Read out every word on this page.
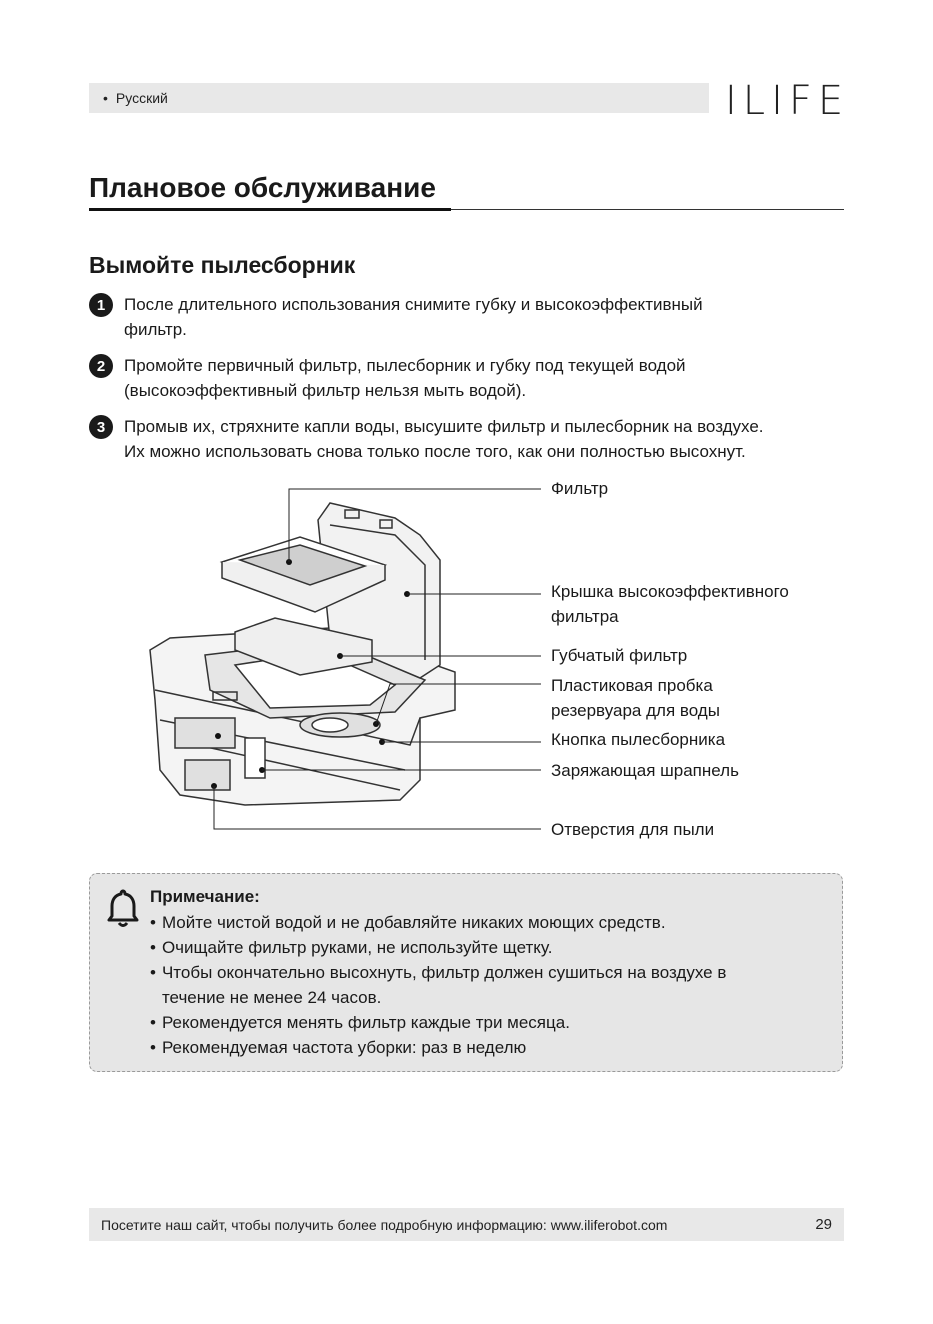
• Русский	ILIFE
Плановое обслуживание
Вымойте пылесборник
1	После длительного использования снимите губку и высокоэффективный
фильтр.
2	Промойте первичный фильтр, пылесборник и губку под текущей водой
(высокоэффективный фильтр нельзя мыть водой).
3	Промыв их, стряхните капли воды, высушите фильтр и пылесборник на воздухе.
Их можно использовать снова только после того, как они полностью высохнут.
Фильтр
Крышка высокоэффективного
фильтра
Губчатый фильтр
Пластиковая пробка
резервуара для воды
Кнопка пылесборника
Заряжающая шрапнель
Отверстия для пыли
Примечание:
• Мойте чистой водой и не добавляйте никаких моющих средств.
• Очищайте фильтр руками, не используйте щетку.
• Чтобы окончательно высохнуть, фильтр должен сушиться на воздухе в
течение не менее 24 часов.
• Рекомендуется менять фильтр каждые три месяца.
• Рекомендуемая частота уборки: раз в неделю
Посетите наш сайт, чтобы получить более подробную информацию: www.iliferobot.com	29
